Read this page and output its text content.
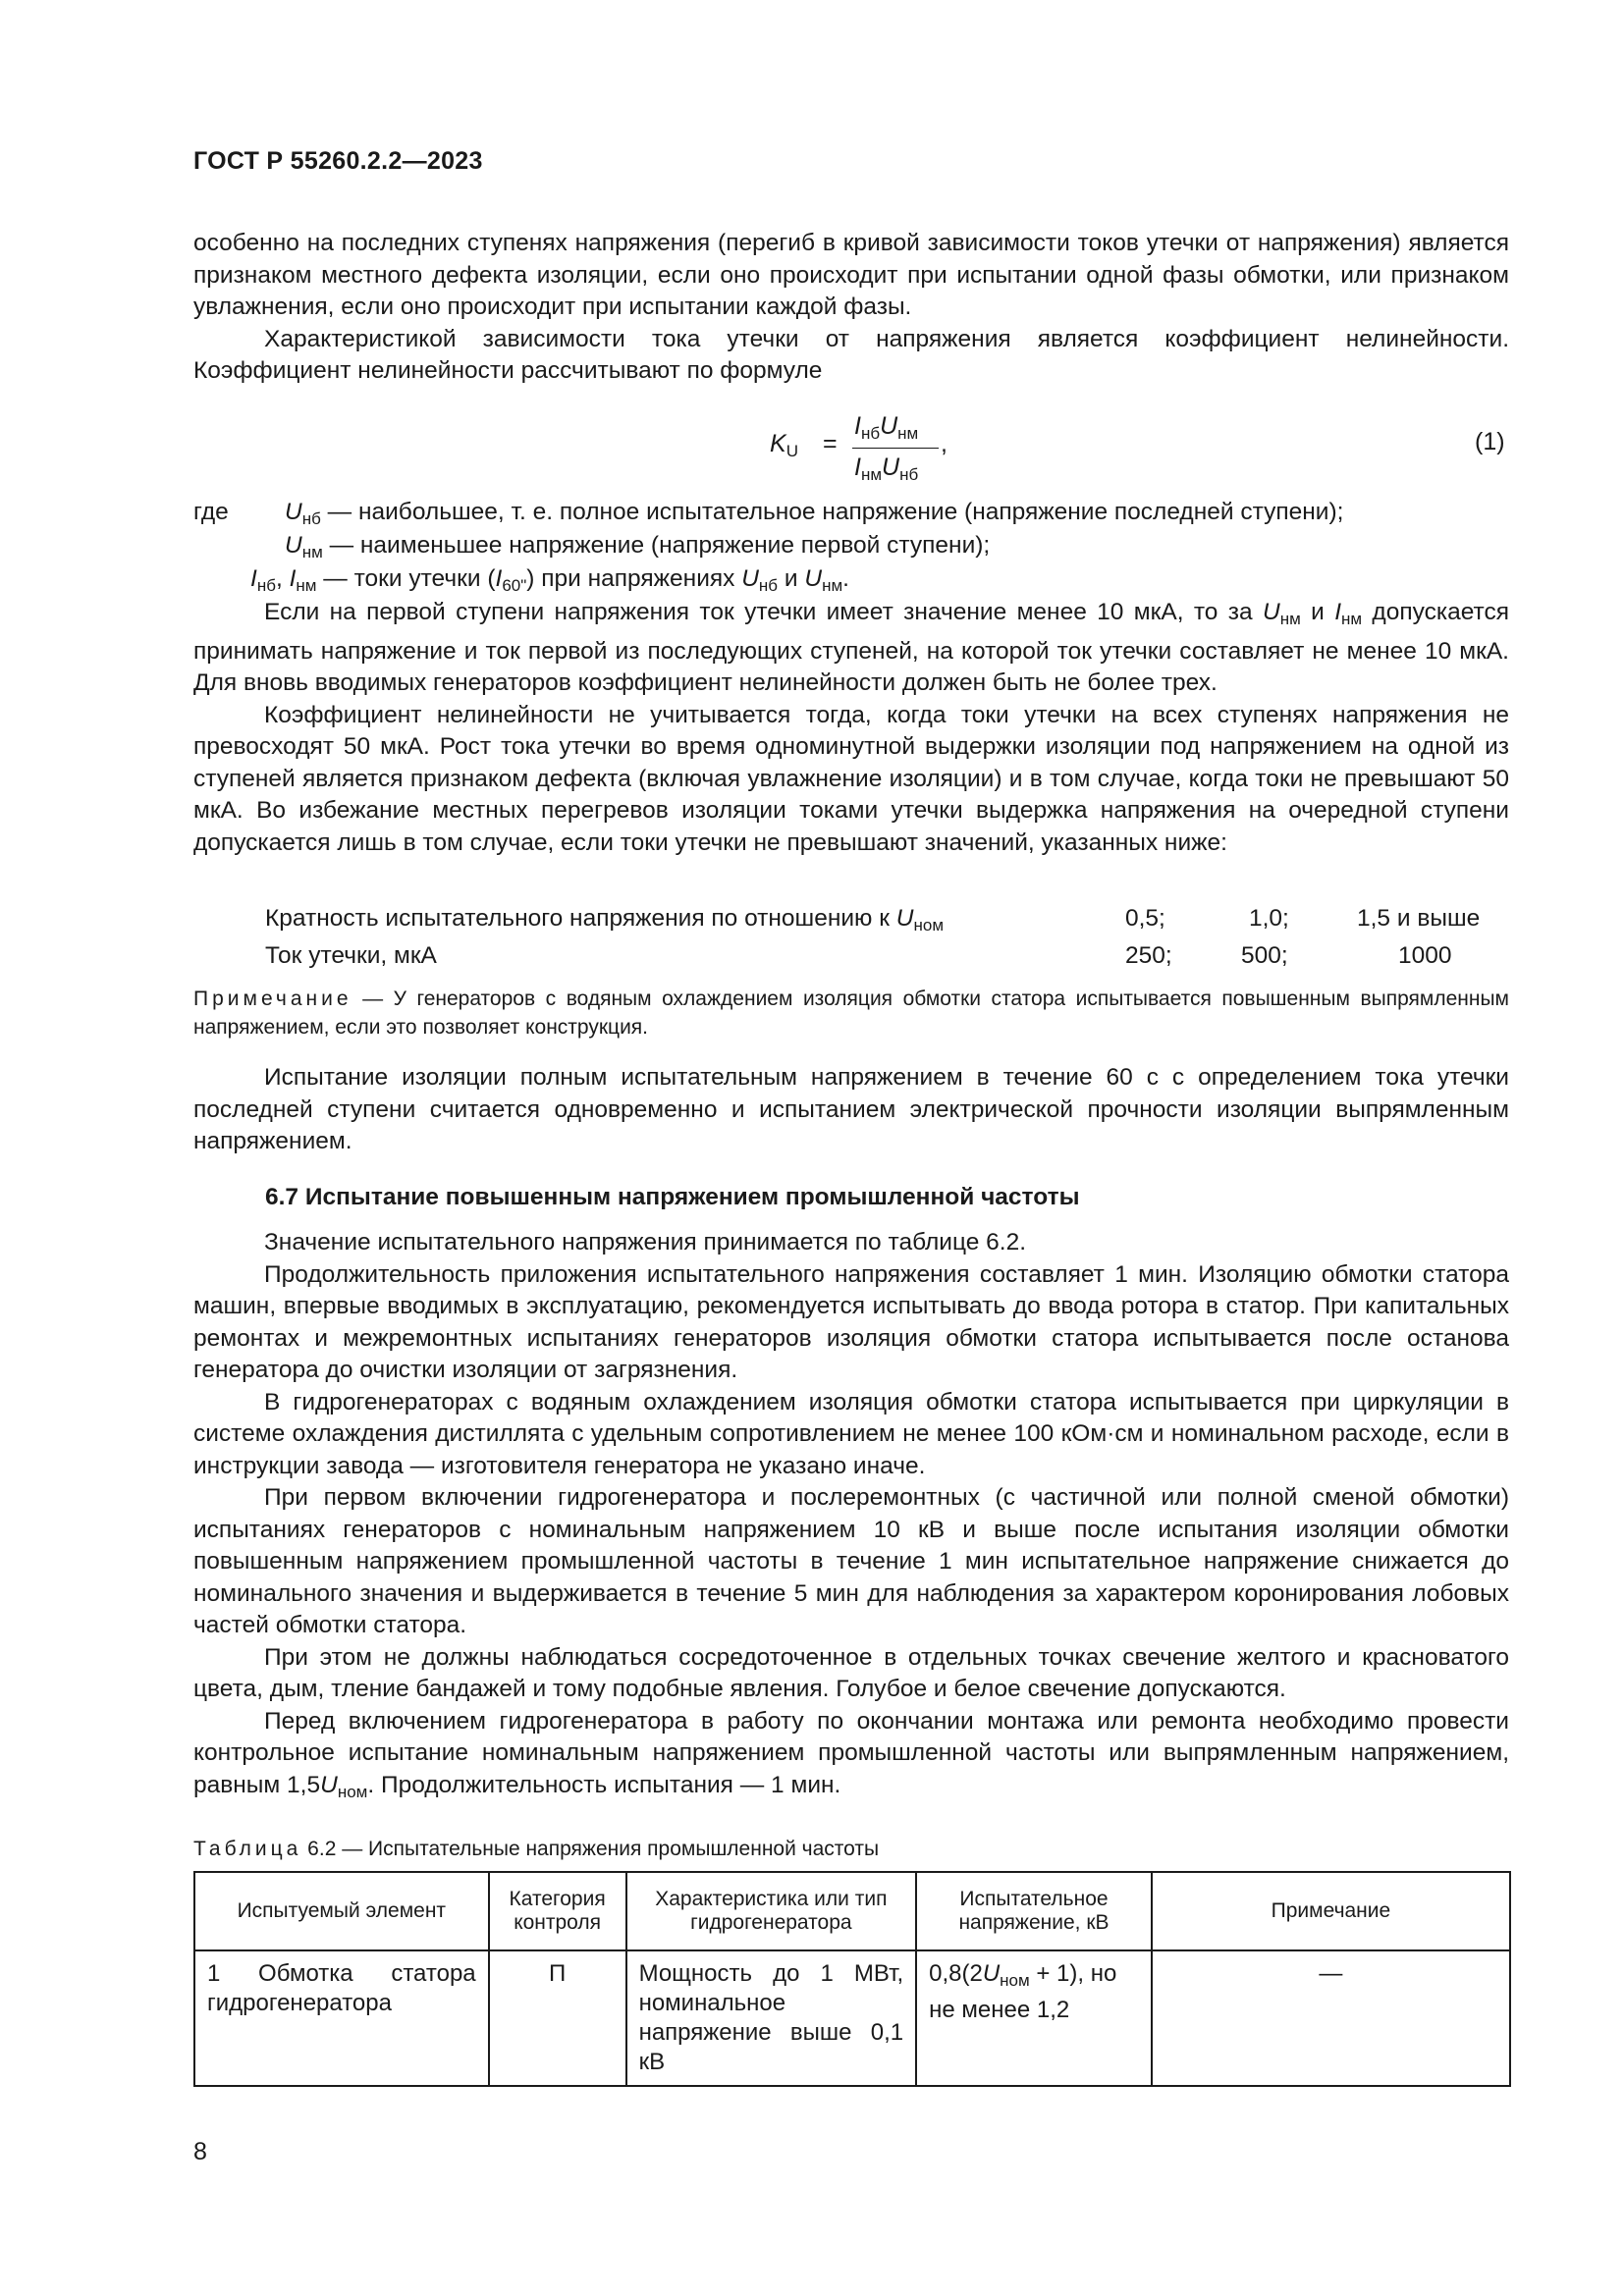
ГОСТ Р 55260.2.2—2023

особенно на последних ступенях напряжения (перегиб в кривой зависимости токов утечки от напряжения) является признаком местного дефекта изоляции, если оно происходит при испытании одной фазы обмотки, или признаком увлажнения, если оно происходит при испытании каждой фазы.

Характеристикой зависимости тока утечки от напряжения является коэффициент нелинейности. Коэффициент нелинейности рассчитывают по формуле

$K_U$ =
$I_{нб}U_{нм}$
$I_{нм}U_{нб}$
,	(1)
где $U_{нб}$ — наибольшее, т. е. полное испытательное напряжение (напряжение последней ступени);
$U_{нм}$ — наименьшее напряжение (напряжение первой ступени);
$I_{нб}$, $I_{нм}$ — токи утечки $(I_{60"})$ при напряжениях $U_{нб}$ и $U_{нм}$.

Если на первой ступени напряжения ток утечки имеет значение менее 10 мкА, то за $U_{нм}$ и $I_{нм}$ допускается принимать напряжение и ток первой из последующих ступеней, на которой ток утечки составляет не менее 10 мкА. Для вновь вводимых генераторов коэффициент нелинейности должен быть не более трех.

Коэффициент нелинейности не учитывается тогда, когда токи утечки на всех ступенях напряжения не превосходят 50 мкА. Рост тока утечки во время одноминутной выдержки изоляции под напряжением на одной из ступеней является признаком дефекта (включая увлажнение изоляции) и в том случае, когда токи не превышают 50 мкА. Во избежание местных перегревов изоляции токами утечки выдержка напряжения на очередной ступени допускается лишь в том случае, если токи утечки не превышают значений, указанных ниже:

Кратность испытательного напряжения по отношению к $U_{ном}$	0,5;	1,0;	1,5 и выше
Ток утечки, мкА	250;	500;	1000
Примечание — У генераторов с водяным охлаждением изоляция обмотки статора испытывается повышенным выпрямленным напряжением, если это позволяет конструкция.

Испытание изоляции полным испытательным напряжением в течение 60 с с определением тока утечки последней ступени считается одновременно и испытанием электрической прочности изоляции выпрямленным напряжением.

6.7 Испытание повышенным напряжением промышленной частоты

Значение испытательного напряжения принимается по таблице 6.2.

Продолжительность приложения испытательного напряжения составляет 1 мин. Изоляцию обмотки статора машин, впервые вводимых в эксплуатацию, рекомендуется испытывать до ввода ротора в статор. При капитальных ремонтах и межремонтных испытаниях генераторов изоляция обмотки статора испытывается после останова генератора до очистки изоляции от загрязнения.

В гидрогенераторах с водяным охлаждением изоляция обмотки статора испытывается при циркуляции в системе охлаждения дистиллята с удельным сопротивлением не менее 100 кОм·см и номинальном расходе, если в инструкции завода — изготовителя генератора не указано иначе.

При первом включении гидрогенератора и послеремонтных (с частичной или полной сменой обмотки) испытаниях генераторов с номинальным напряжением 10 кВ и выше после испытания изоляции обмотки повышенным напряжением промышленной частоты в течение 1 мин испытательное напряжение снижается до номинального значения и выдерживается в течение 5 мин для наблюдения за характером коронирования лобовых частей обмотки статора.

При этом не должны наблюдаться сосредоточенное в отдельных точках свечение желтого и красноватого цвета, дым, тление бандажей и тому подобные явления. Голубое и белое свечение допускаются.

Перед включением гидрогенератора в работу по окончании монтажа или ремонта необходимо провести контрольное испытание номинальным напряжением промышленной частоты или выпрямленным напряжением, равным $1,5U_{ном}$. Продолжительность испытания — 1 мин.

Таблица 6.2 — Испытательные напряжения промышленной частоты
Испытуемый элемент	Категория контроля	Характеристика или тип гидрогенератора	Испытательное напряжение, кВ	Примечание
1 Обмотка статора гидрогенератора	П	Мощность до 1 МВт, номинальное напряжение выше 0,1 кВ	$0,8(2U_{ном} + 1)$, но не менее 1,2	—
8
